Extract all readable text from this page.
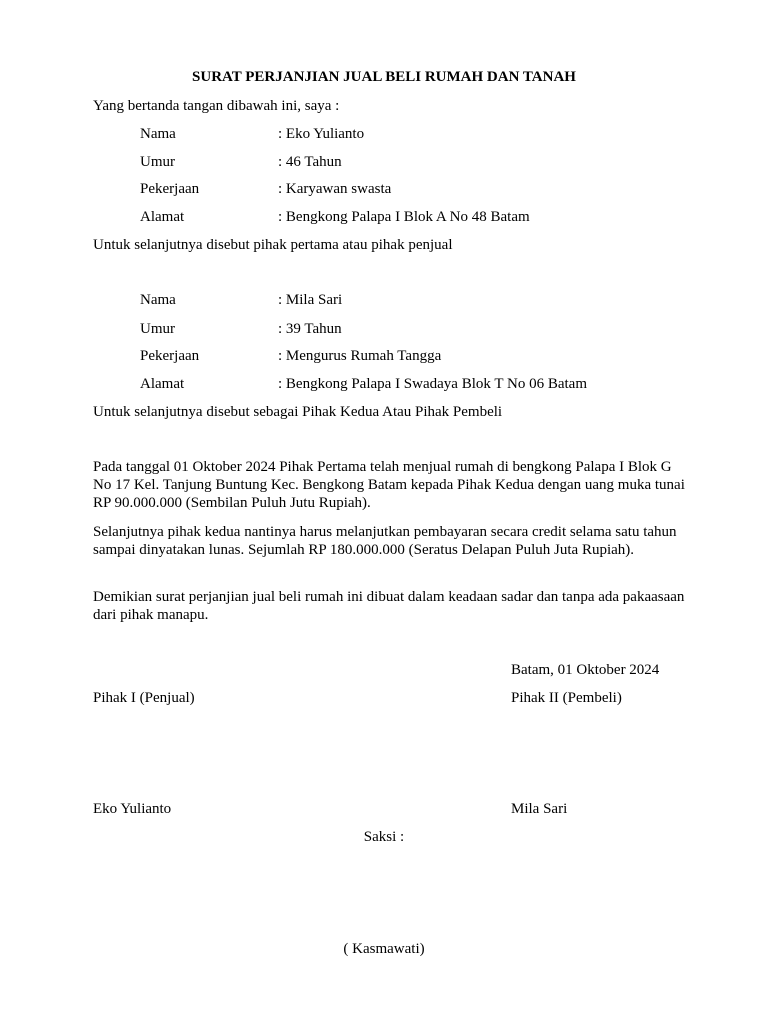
SURAT PERJANJIAN JUAL BELI RUMAH DAN TANAH
Yang bertanda tangan dibawah ini, saya :
Nama	: Eko Yulianto
Umur	: 46 Tahun
Pekerjaan	: Karyawan swasta
Alamat	: Bengkong Palapa I Blok A No 48 Batam
Untuk selanjutnya disebut pihak pertama atau pihak penjual
Nama	: Mila Sari
Umur	: 39 Tahun
Pekerjaan	: Mengurus Rumah Tangga
Alamat	: Bengkong Palapa I Swadaya Blok T No 06 Batam
Untuk selanjutnya disebut sebagai Pihak Kedua Atau Pihak Pembeli
Pada tanggal 01 Oktober 2024 Pihak Pertama telah menjual rumah di bengkong Palapa I Blok G No 17 Kel. Tanjung Buntung Kec. Bengkong Batam kepada Pihak Kedua dengan uang muka tunai RP 90.000.000 (Sembilan Puluh Jutu Rupiah).
Selanjutnya pihak kedua nantinya harus melanjutkan pembayaran secara credit selama satu tahun sampai dinyatakan lunas. Sejumlah RP 180.000.000 (Seratus Delapan Puluh Juta Rupiah).
Demikian surat perjanjian jual beli rumah ini dibuat dalam keadaan sadar dan tanpa ada pakaasaan dari pihak manapu.
Batam, 01 Oktober 2024
Pihak I (Penjual)	Pihak II (Pembeli)
Eko Yulianto	Mila Sari
Saksi :
( Kasmawati)
